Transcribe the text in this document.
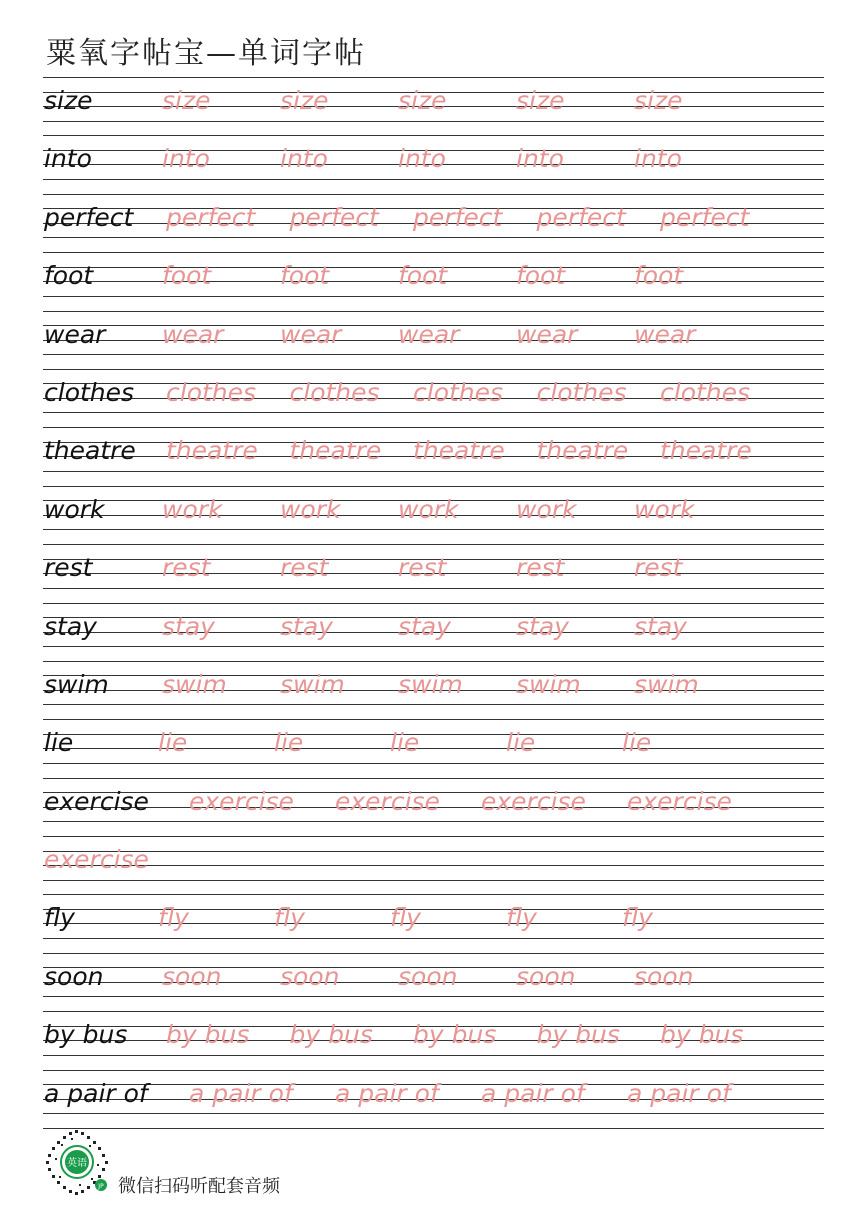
粟氧字帖宝—单词字帖
size	size	size	size	size	size
into	into	into	into	into	into
perfect perfect perfect perfect perfect perfect
foot	foot	foot	foot	foot	foot
wear wear wear wear wear wear
clothes clothes clothes clothes clothes clothes
theatre theatre theatre theatre theatre theatre
work work work work work work
rest	rest	rest	rest	rest	rest
stay	stay	stay	stay	stay	stay
swim swim swim swim swim swim
lie	lie	lie	lie	lie	lie
exercise exercise exercise exercise exercise
exercise
fly	fly	fly	fly	fly	fly
soon soon soon soon soon soon
by bus by bus by bus by bus by bus by bus
a pair of a pair of a pair of a pair of a pair of
英语
JP 微信扫码听配套音频
